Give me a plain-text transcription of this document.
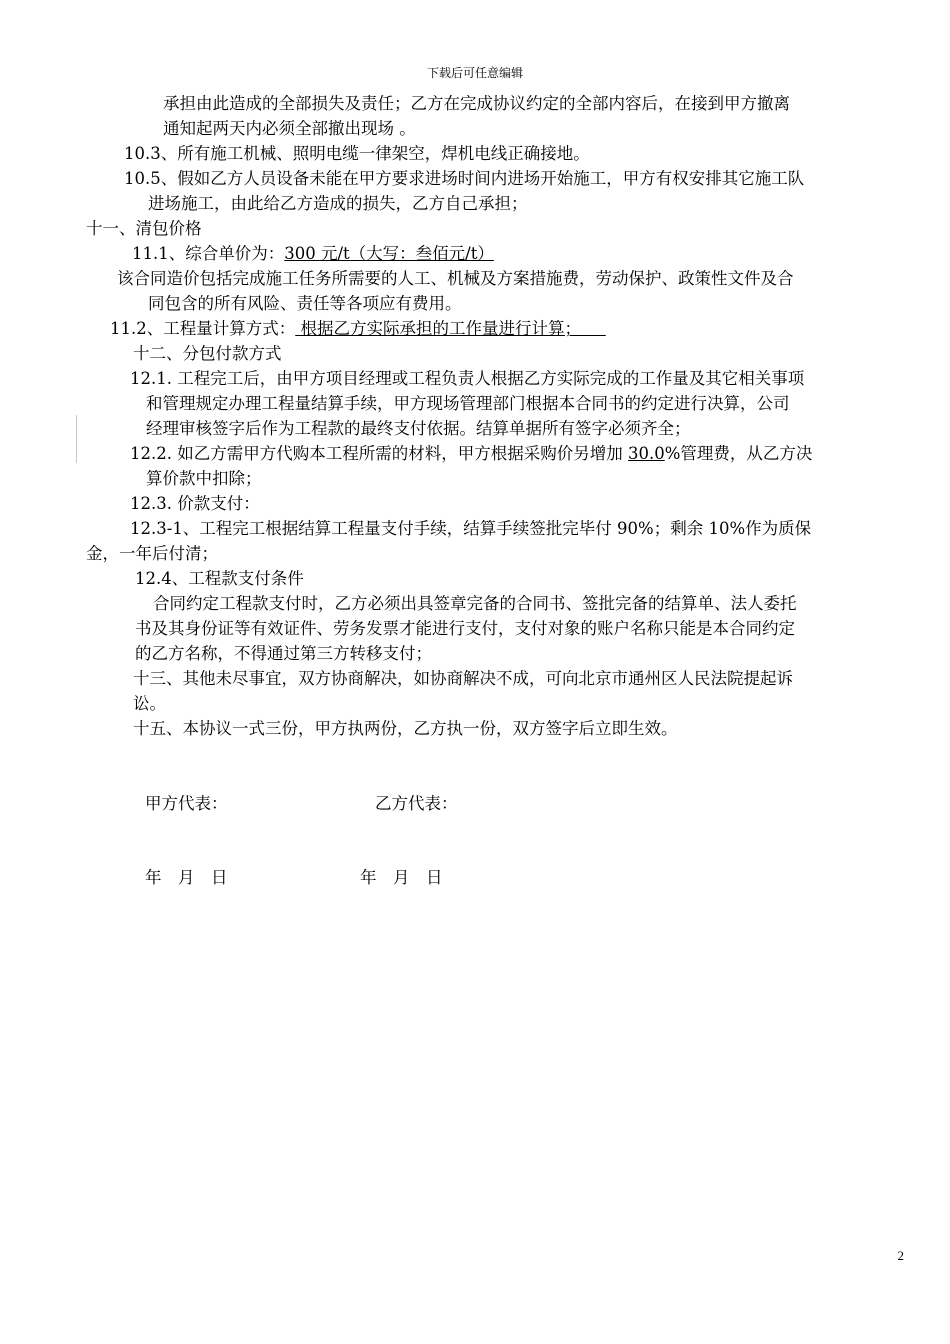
下载后可任意编辑
承担由此造成的全部损失及责任；乙方在完成协议约定的全部内容后，在接到甲方撤离
通知起两天内必须全部撤出现场 。
10.3、所有施工机械、照明电缆一律架空，焊机电线正确接地。
10.5、假如乙方人员设备未能在甲方要求进场时间内进场开始施工，甲方有权安排其它施工队
进场施工，由此给乙方造成的损失，乙方自己承担；
十一、清包价格
11.1、综合单价为：300 元/t（大写：叁佰元/t）
该合同造价包括完成施工任务所需要的人工、机械及方案措施费，劳动保护、政策性文件及合
同包含的所有风险、责任等各项应有费用。
11.2、工程量计算方式： 根据乙方实际承担的工作量进行计算；　　
十二、分包付款方式
12.1. 工程完工后，由甲方项目经理或工程负责人根据乙方实际完成的工作量及其它相关事项
和管理规定办理工程量结算手续，甲方现场管理部门根据本合同书的约定进行决算，公司
经理审核签字后作为工程款的最终支付依据。结算单据所有签字必须齐全；
12.2. 如乙方需甲方代购本工程所需的材料，甲方根据采购价另增加 30.0%管理费，从乙方决
算价款中扣除；
12.3. 价款支付：
12.3-1、工程完工根据结算工程量支付手续，结算手续签批完毕付 90%；剩余 10%作为质保
金，一年后付清；
12.4、工程款支付条件
合同约定工程款支付时，乙方必须出具签章完备的合同书、签批完备的结算单、法人委托
书及其身份证等有效证件、劳务发票才能进行支付，支付对象的账户名称只能是本合同约定
的乙方名称，不得通过第三方转移支付；
十三、其他未尽事宜，双方协商解决，如协商解决不成，可向北京市通州区人民法院提起诉
讼。
十五、本协议一式三份，甲方执两份，乙方执一份，双方签字后立即生效。
甲方代表：	乙方代表：
年　月　日	年　月　日
2
